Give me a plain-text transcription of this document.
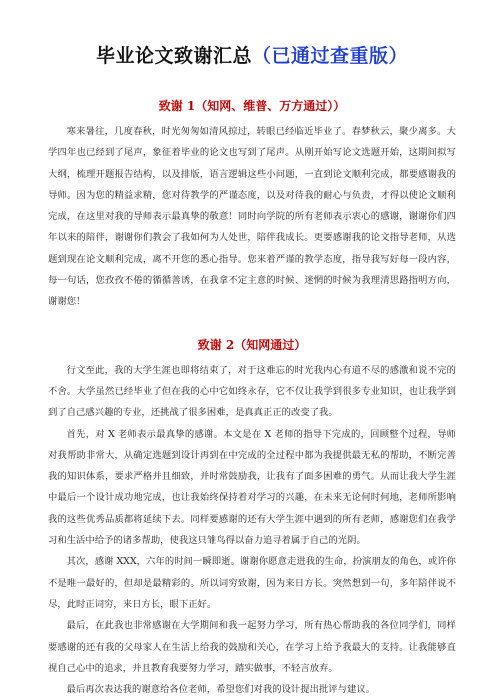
毕业论文致谢汇总（已通过查重版）
致谢 1（知网、维普、万方通过））

寒来暑往，几度春秋，时光匆匆如清风掠过，转眼已经临近毕业了。春梦秋云，聚少离多。大学四年也已经到了尾声，象征着毕业的论文也写到了尾声。从刚开始写论文选题开始，这期间拟写大纲，梳理开题报告结构，以及排版，语言逻辑这些小问题，一直到论文顺利完成，都要感谢我的导师。因为您的精益求精，您对待教学的严谨态度，以及对待我的耐心与负责，才得以使论文顺利完成，在这里对我的导师表示最真挚的敬意！同时向学院的所有老师表示衷心的感谢，谢谢你们四年以来的陪伴，谢谢你们教会了我如何为人处世，陪伴我成长。更要感谢我的论文指导老师，从选题到现在论文顺利完成，离不开您的悉心指导。您来着严谨的教学态度，指导我写好每一段内容，每一句话，您孜孜不倦的循循善诱，在我拿不定主意的时候、迷惘的时候为我理清思路指明方向，谢谢您！

致谢 2（知网通过）

行文至此，我的大学生涯也即将结束了，对于这难忘的时光我内心有道不尽的感激和说不完的不舍。大学虽然已经毕业了但在我的心中它如终永存，它不仅让我学到很多专业知识，也让我学到到了自己感兴趣的专业，还挑战了很多困难，是真真正正的改变了我。

首先，对 X 老师表示最真挚的感谢。本文是在 X 老师的指导下完成的，回顾整个过程，导师对我帮助非常大，从确定选题到设计再到在中完成的全过程中都为我提供最无私的帮助，不断完善我的知识体系，要求严格并且细致，并时常鼓励我，让我有了面多困难的勇气。从而让我大学生涯中最后一个设计成功地完成，也让我始终保持着对学习的兴趣，在未来无论何时何地，老师所影响我的这些优秀品质都将延续下去。同样要感谢的还有大学生涯中遇到的所有老师，感谢您们在我学习和生活中给予的诸多帮助，使我这只雏鸟得以奋力追寻着属于自己的光阴。

其次，感谢 XXX，六年的时间一瞬即逝。谢谢你愿意走进我的生命，扮演朋友的角色，或许你不是唯一最好的，但却是最精彩的。所以词穷致谢，因为来日方长。突然想到一句，多年陪伴说不尽，此时正词穷，来日方长，眼下正好。

最后，在此我也非常感谢在大学期间和我一起努力学习，所有热心帮助我的各位同学们，同样要感谢的还有我的父母家人在生活上给我的鼓励和关心，在学习上给予我最大的支持。让我能够直视自己心中的追求，并且教育我要努力学习，踏实做事，不轻言放弃。

最后再次表达我的谢意给各位老师，希望您们对我的设计提出批评与建议。
